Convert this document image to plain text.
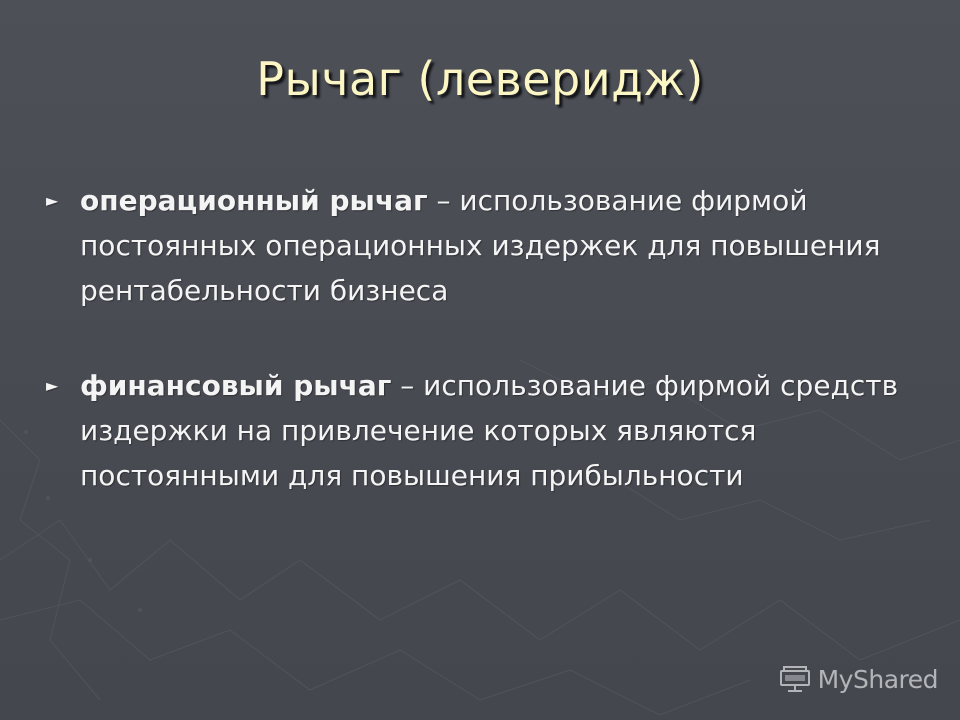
Рычаг (леверидж)
► операционный рычаг – использование фирмой постоянных операционных издержек для повышения рентабельности бизнеса
► финансовый рычаг – использование фирмой средств издержки на привлечение которых являются постоянными для повышения прибыльности
MyShared
